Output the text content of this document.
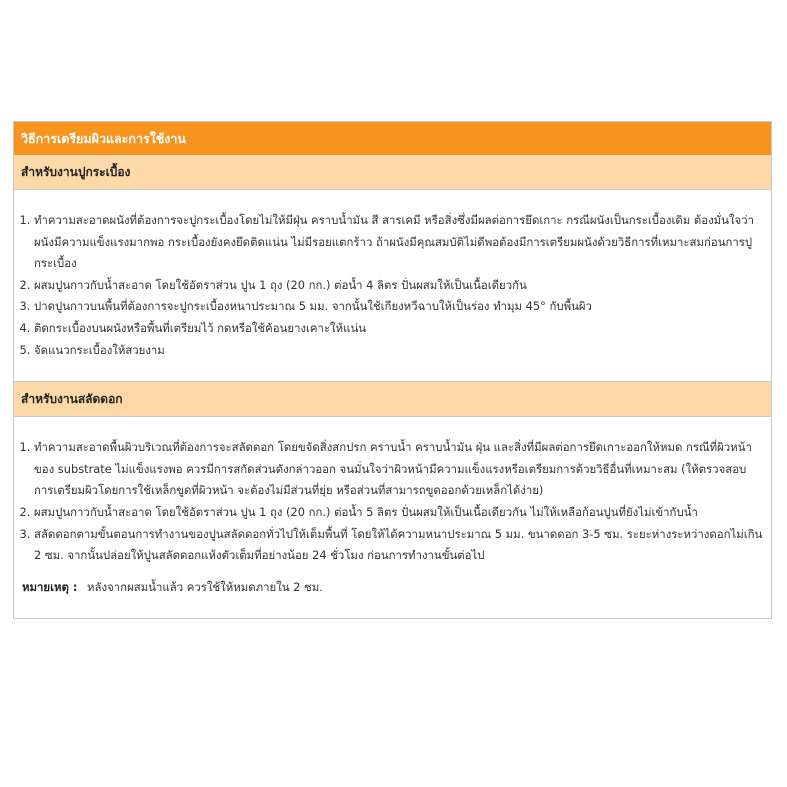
วิธีการเตรียมผิวและการใช้งาน
สำหรับงานปูกระเบื้อง
1. ทำความสะอาดผนังที่ต้องการจะปูกระเบื้องโดยไม่ให้มีฝุ่น คราบน้ำมัน สี สารเคมี หรือสิ่งซึ่งมีผลต่อการยึดเกาะ กรณีผนังเป็นกระเบื้องเดิม ต้องมั่นใจว่าผนังมีความแข็งแรงมากพอ กระเบื้องยังคงยึดติดแน่น ไม่มีรอยแตกร้าว ถ้าผนังมีคุณสมบัติไม่ดีพอต้องมีการเตรียมผนังด้วยวิธีการที่เหมาะสมก่อนการปูกระเบื้อง
2. ผสมปูนกาวกับน้ำสะอาด โดยใช้อัตราส่วน ปูน 1 ถุง (20 กก.) ต่อน้ำ 4 ลิตร ปั่นผสมให้เป็นเนื้อเดียวกัน
3. ปาดปูนกาวบนพื้นที่ต้องการจะปูกระเบื้องหนาประมาณ 5 มม. จากนั้นใช้เกียงหวีฉาบให้เป็นร่อง ทำมุม 45° กับพื้นผิว
4. ติดกระเบื้องบนผนังหรือพื้นที่เตรียมไว้ กดหรือใช้ค้อนยางเคาะให้แน่น
5. จัดแนวกระเบื้องให้สวยงาม
สำหรับงานสลัดดอก
1. ทำความสะอาดพื้นผิวบริเวณที่ต้องการจะสลัดดอก โดยขจัดสิ่งสกปรก คราบน้ำ คราบน้ำมัน ฝุ่น และสิ่งที่มีผลต่อการยึดเกาะออกให้หมด กรณีที่ผิวหน้าของ substrate ไม่แข็งแรงพอ ควรมีการสกัดส่วนดังกล่าวออก จนมั่นใจว่าผิวหน้ามีความแข็งแรงหรือเตรียมการด้วยวิธีอื่นที่เหมาะสม (ให้ตรวจสอบการเตรียมผิวโดยการใช้เหล็กขูดที่ผิวหน้า จะต้องไม่มีส่วนที่ยุ่ย หรือส่วนที่สามารถขูดออกด้วยเหล็กได้ง่าย)
2. ผสมปูนกาวกับน้ำสะอาด โดยใช้อัตราส่วน ปูน 1 ถุง (20 กก.) ต่อน้ำ 5 ลิตร ปั่นผสมให้เป็นเนื้อเดียวกัน ไม่ให้เหลือก้อนปูนที่ยังไม่เข้ากับน้ำ
3. สลัดดอกตามขั้นตอนการทำงานของปูนสลัดดอกทั่วไปให้เต็มพื้นที่ โดยให้ได้ความหนาประมาณ 5 มม. ขนาดดอก 3-5 ซม. ระยะห่างระหว่างดอกไม่เกิน 2 ซม. จากนั้นปล่อยให้ปูนสลัดดอกแห้งตัวเต็มที่อย่างน้อย 24 ชั่วโมง ก่อนการทำงานขั้นต่อไป
หมายเหตุ : หลังจากผสมน้ำแล้ว ควรใช้ให้หมดภายใน 2 ชม.
